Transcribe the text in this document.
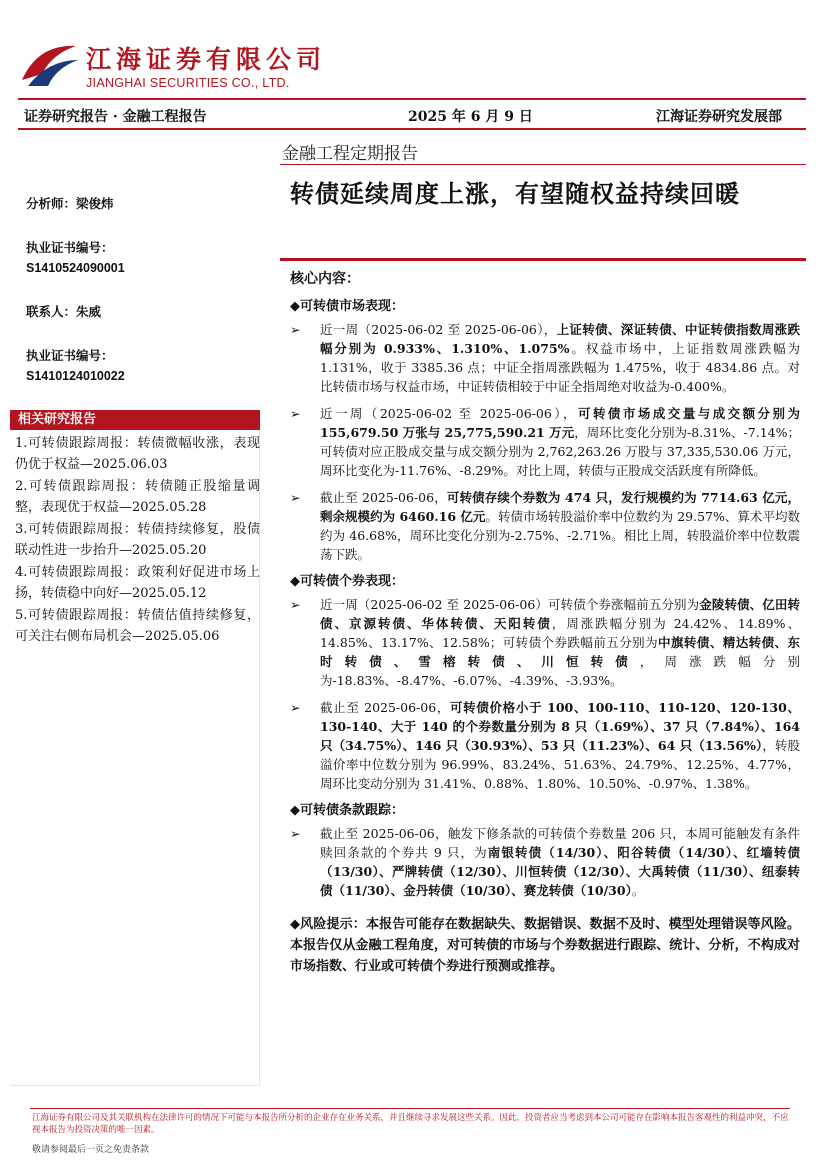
江海证券有限公司
JIANGHAI SECURITIES CO., LTD.
证券研究报告 · 金融工程报告	2025 年 6 月 9 日	江海证券研究发展部
金融工程定期报告
转债延续周度上涨，有望随权益持续回暖
分析师：梁俊炜
执业证书编号：
S1410524090001
联系人：朱威
执业证书编号：
S1410124010022
相关研究报告
1.可转债跟踪周报：转债微幅收涨，表现仍优于权益—2025.06.03
2.可转债跟踪周报：转债随正股缩量调整，表现优于权益—2025.05.28
3.可转债跟踪周报：转债持续修复，股债联动性进一步抬升—2025.05.20
4.可转债跟踪周报：政策利好促进市场上扬，转债稳中向好—2025.05.12
5.可转债跟踪周报：转债估值持续修复，可关注右侧布局机会—2025.05.06
核心内容：
◆可转债市场表现：
➢ 近一周（2025-06-02 至 2025-06-06），上证转债、深证转债、中证转债指数周涨跌幅分别为 0.933%、1.310%、1.075%。权益市场中，上证指数周涨跌幅为 1.131%，收于 3385.36 点；中证全指周涨跌幅为 1.475%，收于 4834.86 点。对比转债市场与权益市场，中证转债相较于中证全指周绝对收益为-0.400%。
➢ 近一周（2025-06-02 至 2025-06-06），可转债市场成交量与成交额分别为 155,679.50 万张与 25,775,590.21 万元，周环比变化分别为-8.31%、-7.14%；可转债对应正股成交量与成交额分别为 2,762,263.26 万股与 37,335,530.06 万元，周环比变化为-11.76%、-8.29%。对比上周，转债与正股成交活跃度有所降低。
➢ 截止至 2025-06-06，可转债存续个券数为 474 只，发行规模约为 7714.63 亿元，剩余规模约为 6460.16 亿元。转债市场转股溢价率中位数约为 29.57%、算术平均数约为 46.68%，周环比变化分别为-2.75%、-2.71%。相比上周，转股溢价率中位数震荡下跌。
◆可转债个券表现：
➢ 近一周（2025-06-02 至 2025-06-06）可转债个券涨幅前五分别为金陵转债、亿田转债、京源转债、华体转债、天阳转债，周涨跌幅分别为 24.42%、14.89%、14.85%、13.17%、12.58%；可转债个券跌幅前五分别为中旗转债、精达转债、东时转债、雪榕转债、川恒转债，周涨跌幅分别为-18.83%、-8.47%、-6.07%、-4.39%、-3.93%。
➢ 截止至 2025-06-06，可转债价格小于 100、100-110、110-120、120-130、130-140、大于 140 的个券数量分别为 8 只（1.69%）、37 只（7.84%）、164 只（34.75%）、146 只（30.93%）、53 只（11.23%）、64 只（13.56%），转股溢价率中位数分别为 96.99%、83.24%、51.63%、24.79%、12.25%、4.77%，周环比变动分别为 31.41%、0.88%、1.80%、10.50%、-0.97%、1.38%。
◆可转债条款跟踪：
➢ 截止至 2025-06-06，触发下修条款的可转债个券数量 206 只，本周可能触发有条件赎回条款的个券共 9 只，为南银转债（14/30）、阳谷转债（14/30）、红墙转债（13/30）、严牌转债（12/30）、川恒转债（12/30）、大禹转债（11/30）、纽泰转债（11/30）、金丹转债（10/30）、赛龙转债（10/30）。
◆风险提示：本报告可能存在数据缺失、数据错误、数据不及时、模型处理错误等风险。本报告仅从金融工程角度，对可转债的市场与个券数据进行跟踪、统计、分析，不构成对市场指数、行业或可转债个券进行预测或推荐。
江海证券有限公司及其关联机构在法律许可的情况下可能与本报告所分析的企业存在业务关系，并且继续寻求发展这些关系。因此，投资者应当考虑到本公司可能存在影响本报告客观性的利益冲突，不应视本报告为投资决策的唯一因素。
敬请参阅最后一页之免责条款
